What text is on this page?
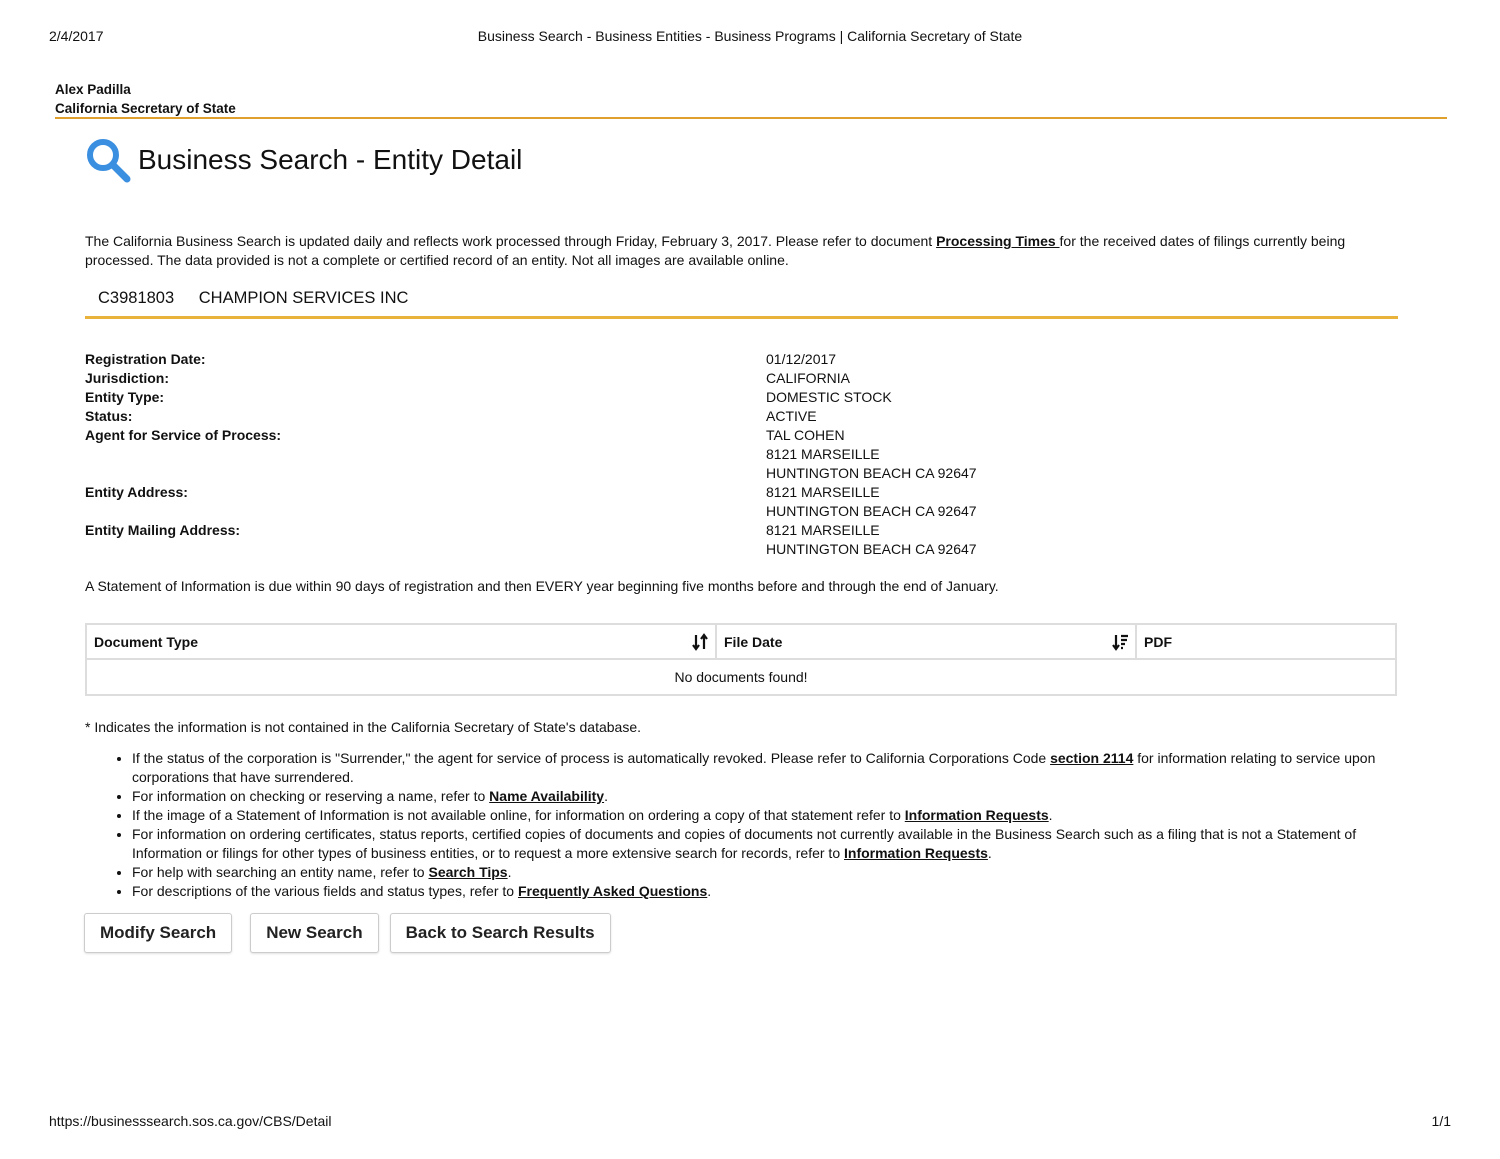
2/4/2017	Business Search - Business Entities - Business Programs | California Secretary of State
Alex Padilla
California Secretary of State
Business Search - Entity Detail
The California Business Search is updated daily and reflects work processed through Friday, February 3, 2017. Please refer to document Processing Times for the received dates of filings currently being processed. The data provided is not a complete or certified record of an entity. Not all images are available online.
C3981803 CHAMPION SERVICES INC
Registration Date:	01/12/2017
Jurisdiction:	CALIFORNIA
Entity Type:	DOMESTIC STOCK
Status:	ACTIVE
Agent for Service of Process:	TAL COHEN
8121 MARSEILLE
HUNTINGTON BEACH CA 92647
Entity Address:	8121 MARSEILLE
HUNTINGTON BEACH CA 92647
Entity Mailing Address:	8121 MARSEILLE
HUNTINGTON BEACH CA 92647
A Statement of Information is due within 90 days of registration and then EVERY year beginning five months before and through the end of January.
Document Type	File Date	PDF
No documents found!
* Indicates the information is not contained in the California Secretary of State's database.
• If the status of the corporation is "Surrender," the agent for service of process is automatically revoked. Please refer to California Corporations Code section 2114 for information relating to service upon corporations that have surrendered.
• For information on checking or reserving a name, refer to Name Availability.
• If the image of a Statement of Information is not available online, for information on ordering a copy of that statement refer to Information Requests.
• For information on ordering certificates, status reports, certified copies of documents and copies of documents not currently available in the Business Search such as a filing that is not a Statement of Information or filings for other types of business entities, or to request a more extensive search for records, refer to Information Requests.
• For help with searching an entity name, refer to Search Tips.
• For descriptions of the various fields and status types, refer to Frequently Asked Questions.
Modify Search	New Search	Back to Search Results
https://businesssearch.sos.ca.gov/CBS/Detail	1/1
